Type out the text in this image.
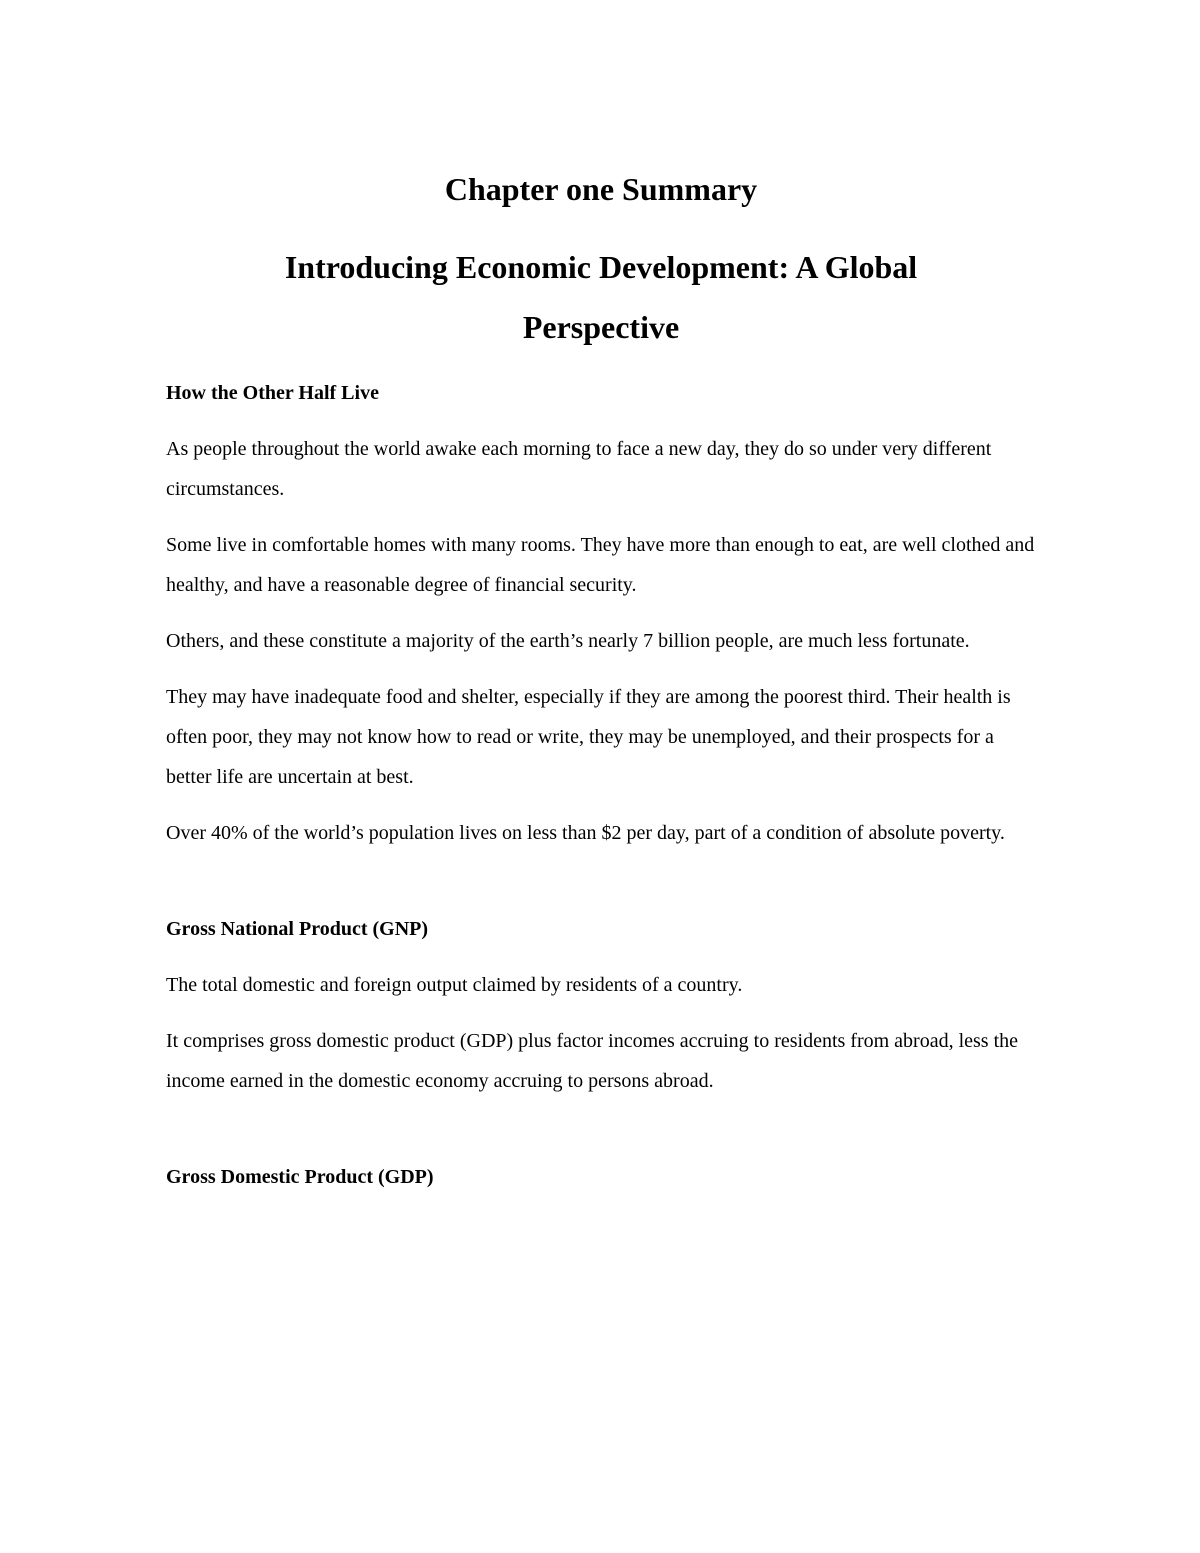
Chapter one Summary
Introducing Economic Development: A Global Perspective
How the Other Half Live

As people throughout the world awake each morning to face a new day, they do so under very different circumstances.

Some live in comfortable homes with many rooms. They have more than enough to eat, are well clothed and healthy, and have a reasonable degree of financial security.

Others, and these constitute a majority of the earth’s nearly 7 billion people, are much less fortunate.

They may have inadequate food and shelter, especially if they are among the poorest third. Their health is often poor, they may not know how to read or write, they may be unemployed, and their prospects for a better life are uncertain at best.

Over 40% of the world’s population lives on less than $2 per day, part of a condition of absolute poverty.

Gross National Product (GNP)

The total domestic and foreign output claimed by residents of a country.

It comprises gross domestic product (GDP) plus factor incomes accruing to residents from abroad, less the income earned in the domestic economy accruing to persons abroad.

Gross Domestic Product (GDP)
